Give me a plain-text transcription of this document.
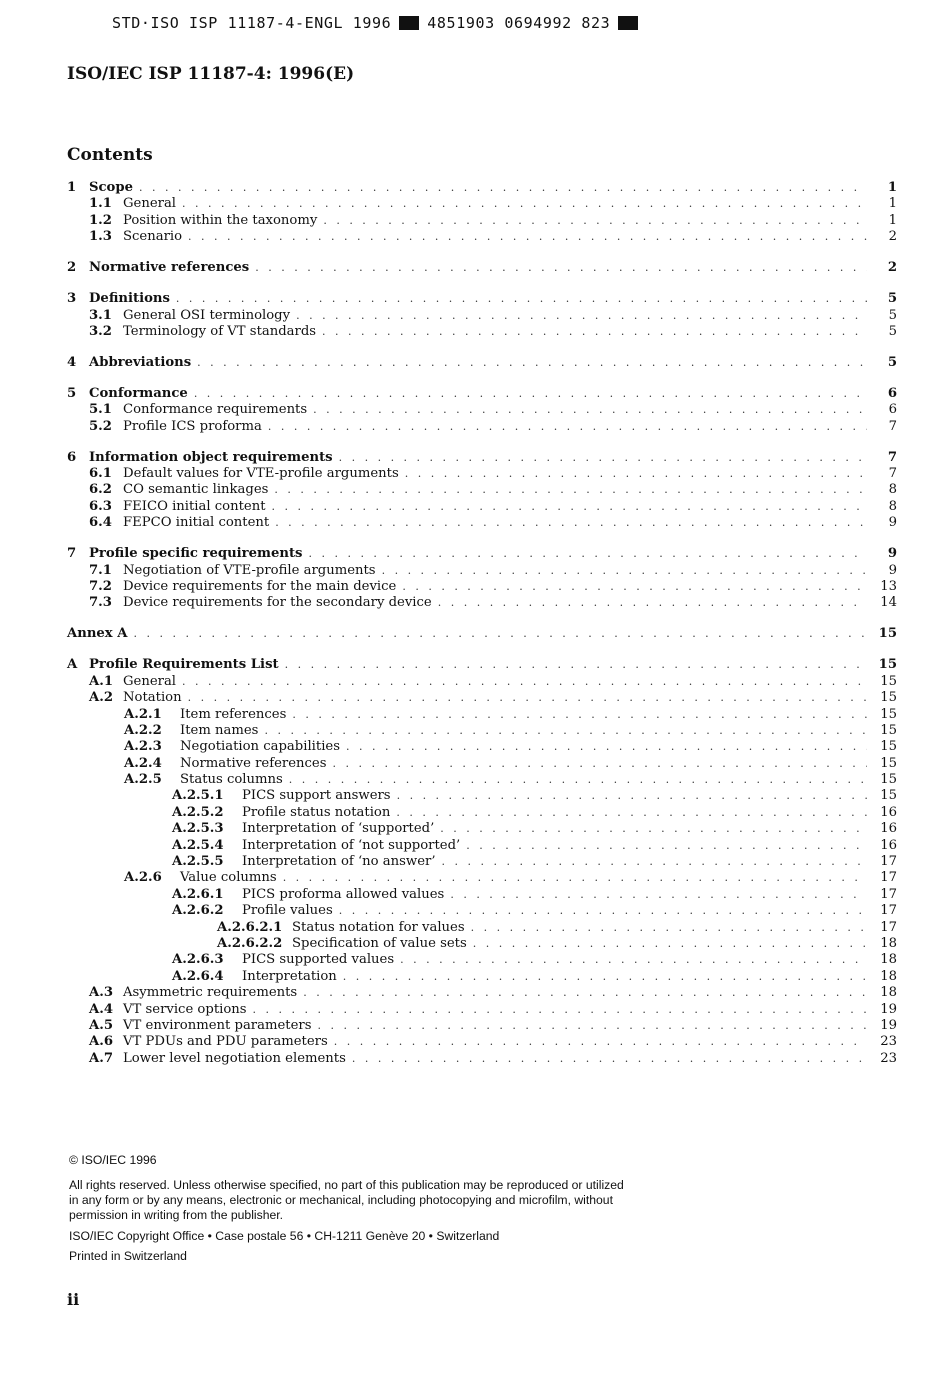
STD·ISO ISP 11187-4-ENGL 1996 4851903 0694992 823
ISO/IEC ISP 11187-4: 1996(E)
Contents
1 Scope . . .	1
1.1 General . . .	1
1.2 Position within the taxonomy . . .	1
1.3 Scenario . . .	2
2 Normative references . . .	2
3 Definitions . . .	5
3.1 General OSI terminology . . .	5
3.2 Terminology of VT standards . . .	5
4 Abbreviations . . .	5
5 Conformance . . .	6
5.1 Conformance requirements . . .	6
5.2 Profile ICS proforma . . .	7
6 Information object requirements . . .	7
6.1 Default values for VTE-profile arguments . . .	7
6.2 CO semantic linkages . . .	8
6.3 FEICO initial content . . .	8
6.4 FEPCO initial content . . .	9
7 Profile specific requirements . . .	9
7.1 Negotiation of VTE-profile arguments . . .	9
7.2 Device requirements for the main device . . .	13
7.3 Device requirements for the secondary device . . .	14
Annex A . . .	15
A Profile Requirements List . . .	15
A.1 General . . .	15
A.2 Notation . . .	15
A.2.1	Item references . . .	15
A.2.2	Item names . . .	15
A.2.3	Negotiation capabilities . . .	15
A.2.4	Normative references . . .	15
A.2.5	Status columns . . .	15
A.2.5.1	PICS support answers . . .	15
A.2.5.2	Profile status notation . . .	16
A.2.5.3	Interpretation of ‘supported’ . . .	16
A.2.5.4	Interpretation of ‘not supported’ . . .	16
A.2.5.5	Interpretation of ‘no answer’ . . .	17
A.2.6	Value columns . . .	17
A.2.6.1	PICS proforma allowed values . . .	17
A.2.6.2	Profile values . . .	17
A.2.6.2.1 Status notation for values . . .	17
A.2.6.2.2 Specification of value sets . . .	18
A.2.6.3	PICS supported values . . .	18
A.2.6.4	Interpretation . . .	18
A.3 Asymmetric requirements . . .	18
A.4 VT service options . . .	19
A.5 VT environment parameters . . .	19
A.6 VT PDUs and PDU parameters . . .	23
A.7 Lower level negotiation elements . . .	23
© ISO/IEC 1996
All rights reserved. Unless otherwise specified, no part of this publication may be reproduced or utilized in any form or by any means, electronic or mechanical, including photocopying and microfilm, without permission in writing from the publisher.
ISO/IEC Copyright Office • Case postale 56 • CH-1211 Genève 20 • Switzerland
Printed in Switzerland
ii
